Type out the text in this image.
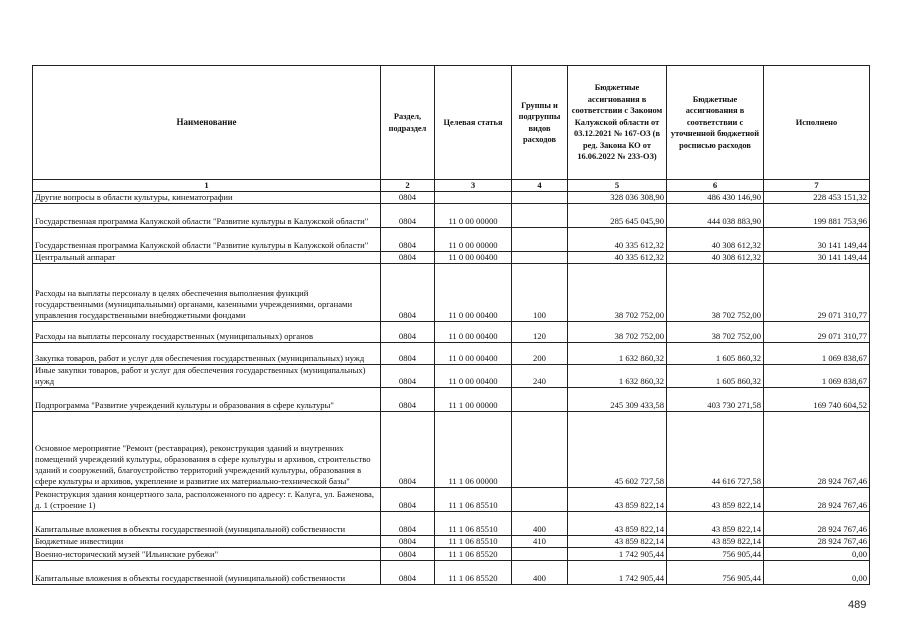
Наименование	Раздел, подраздел	Целевая статья	Группы и подгруппы видов расходов	Бюджетные ассигнования в соответствии с Законом Калужской области от 03.12.2021 № 167-ОЗ (в ред. Закона КО от 16.06.2022 № 233-ОЗ)	Бюджетные ассигнования в соответствии с уточненной бюджетной росписью расходов	Исполнено
1	2	3	4	5	6	7
Другие вопросы в области культуры, кинематографии	0804			328 036 308,90	486 430 146,90	228 453 151,32
Государственная программа Калужской области "Развитие культуры в Калужской области"	0804	11 0 00 00000		285 645 045,90	444 038 883,90	199 881 753,96
Государственная программа Калужской области "Развитие культуры в Калужской области"	0804	11 0 00 00000		40 335 612,32	40 308 612,32	30 141 149,44
Центральный аппарат	0804	11 0 00 00400		40 335 612,32	40 308 612,32	30 141 149,44
Расходы на выплаты персоналу в целях обеспечения выполнения функций государственными (муниципальными) органами, казенными учреждениями, органами управления государственными внебюджетными фондами	0804	11 0 00 00400	100	38 702 752,00	38 702 752,00	29 071 310,77
Расходы на выплаты персоналу государственных (муниципальных) органов	0804	11 0 00 00400	120	38 702 752,00	38 702 752,00	29 071 310,77
Закупка товаров, работ и услуг для обеспечения государственных (муниципальных) нужд	0804	11 0 00 00400	200	1 632 860,32	1 605 860,32	1 069 838,67
Иные закупки товаров, работ и услуг для обеспечения государственных (муниципальных) нужд	0804	11 0 00 00400	240	1 632 860,32	1 605 860,32	1 069 838,67
Подпрограмма "Развитие учреждений культуры и образования в сфере культуры"	0804	11 1 00 00000		245 309 433,58	403 730 271,58	169 740 604,52
Основное мероприятие "Ремонт (реставрация), реконструкция зданий и внутренних помещений учреждений культуры, образования в сфере культуры и архивов, строительство зданий и сооружений, благоустройство территорий учреждений культуры, образования в сфере культуры и архивов, укрепление и развитие их материально-технической базы"	0804	11 1 06 00000		45 602 727,58	44 616 727,58	28 924 767,46
Реконструкция здания концертного зала, расположенного по адресу: г. Калуга, ул. Баженова, д. 1 (строение 1)	0804	11 1 06 85510		43 859 822,14	43 859 822,14	28 924 767,46
Капитальные вложения в объекты государственной (муниципальной) собственности	0804	11 1 06 85510	400	43 859 822,14	43 859 822,14	28 924 767,46
Бюджетные инвестиции	0804	11 1 06 85510	410	43 859 822,14	43 859 822,14	28 924 767,46
Военно-исторический музей "Ильинские рубежи"	0804	11 1 06 85520		1 742 905,44	756 905,44	0,00
Капитальные вложения в объекты государственной (муниципальной) собственности	0804	11 1 06 85520	400	1 742 905,44	756 905,44	0,00
489
